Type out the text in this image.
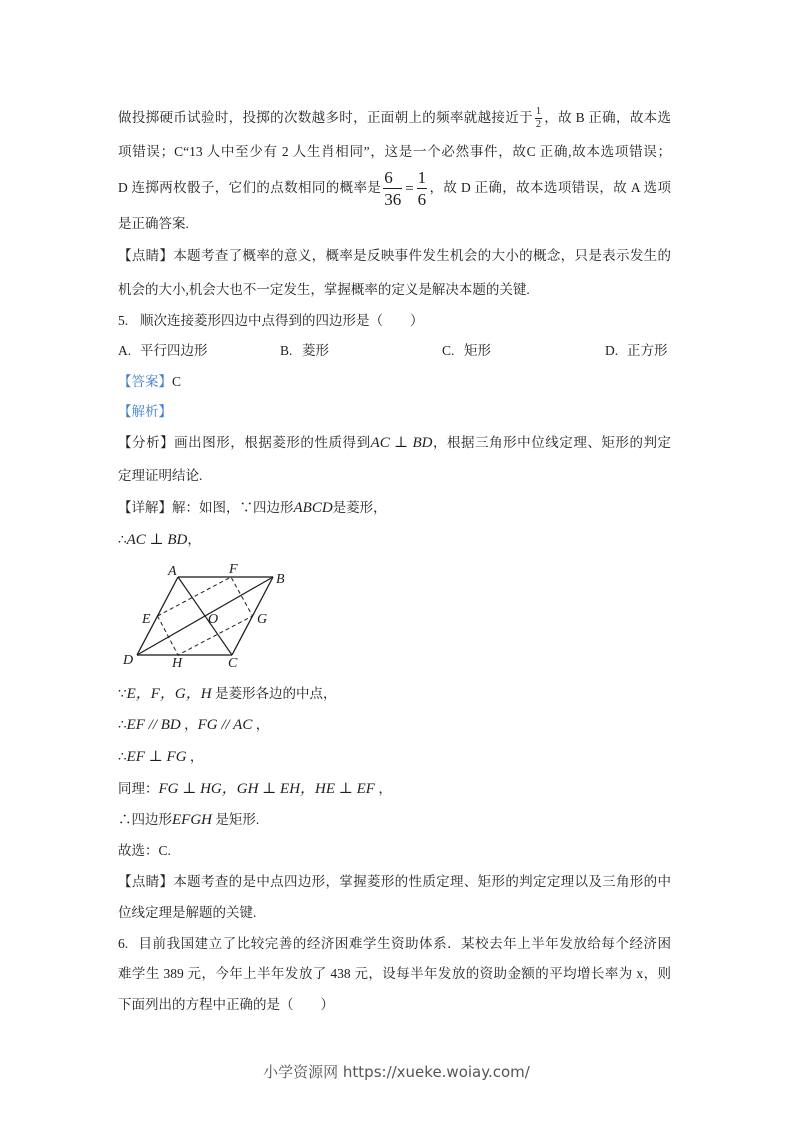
做投掷硬币试验时，投掷的次数越多时，正面朝上的频率就越接近于 $\frac{1}{2}$ ，故 B 正确，故本选
项错误；C“13 人中至少有 2 人生肖相同”，这是一个必然事件，故C 正确,故本选项错误；
D 连掷两枚骰子，它们的点数相同的概率是 $\frac{6}{36} = \frac{1}{6}$ ，故 D 正确，故本选项错误，故 A 选项
是正确答案.
【点睛】本题考查了概率的意义，概率是反映事件发生机会的大小的概念，只是表示发生的
机会的大小,机会大也不一定发生，掌握概率的定义是解决本题的关键.
5. 顺次连接菱形四边中点得到的四边形是（　　）
A. 平行四边形	B. 菱形	C. 矩形	D. 正方形
【答案】C
【解析】
【分析】画出图形，根据菱形的性质得到AC ⊥ BD，根据三角形中位线定理、矩形的判定
定理证明结论.
【详解】解：如图，∵四边形ABCD是菱形，
∴AC ⊥ BD，
A	F
B
E	O	G
D	H	C
∵E，F，G，H 是菱形各边的中点，
∴EF // BD ，FG // AC ，
∴EF ⊥ FG ，
同理：FG ⊥ HG，GH ⊥ EH，HE ⊥ EF ，
∴四边形EFGH 是矩形.
故选：C.
【点睛】本题考查的是中点四边形，掌握菱形的性质定理、矩形的判定定理以及三角形的中
位线定理是解题的关键.
6. 目前我国建立了比较完善的经济困难学生资助体系．某校去年上半年发放给每个经济困
难学生 389 元，今年上半年发放了 438 元，设每半年发放的资助金额的平均增长率为 x，则
下面列出的方程中正确的是（　　）
小学资源网 https://xueke.woiay.com/
